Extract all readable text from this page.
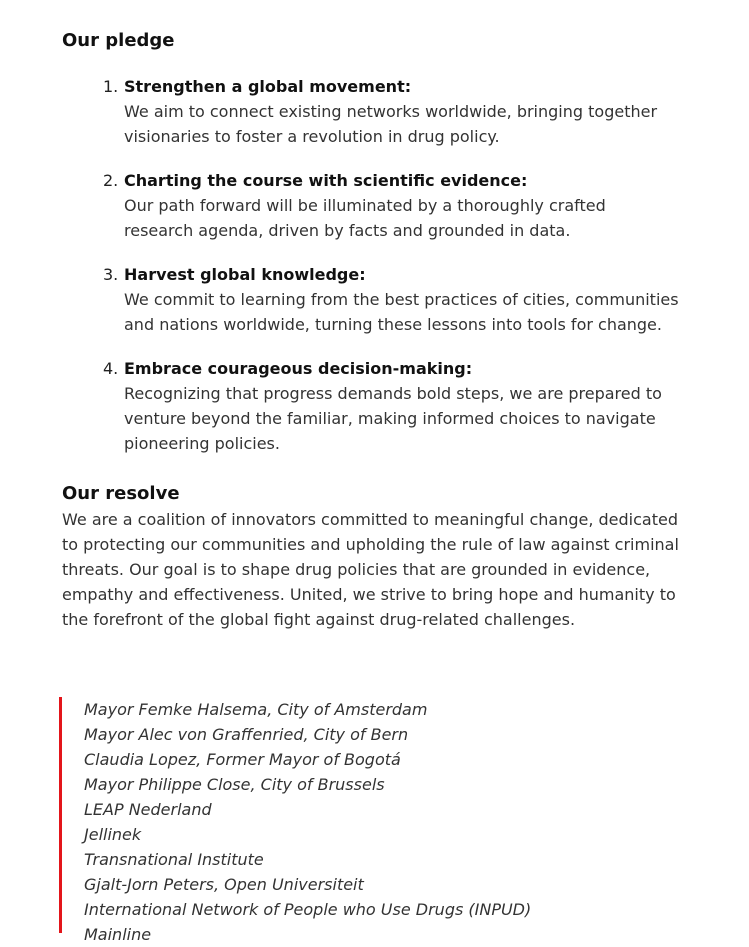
Our pledge
1. Strengthen a global movement:
We aim to connect existing networks worldwide, bringing together visionaries to foster a revolution in drug policy.
2. Charting the course with scientific evidence:
Our path forward will be illuminated by a thoroughly crafted research agenda, driven by facts and grounded in data.
3. Harvest global knowledge:
We commit to learning from the best practices of cities, communities and nations worldwide, turning these lessons into tools for change.
4. Embrace courageous decision-making:
Recognizing that progress demands bold steps, we are prepared to venture beyond the familiar, making informed choices to navigate pioneering policies.
Our resolve

We are a coalition of innovators committed to meaningful change, dedicated to protecting our communities and upholding the rule of law against criminal threats. Our goal is to shape drug policies that are grounded in evidence, empathy and effectiveness. United, we strive to bring hope and humanity to the forefront of the global fight against drug-related challenges.

Mayor Femke Halsema, City of Amsterdam
Mayor Alec von Graffenried, City of Bern
Claudia Lopez, Former Mayor of Bogotá
Mayor Philippe Close, City of Brussels
LEAP Nederland
Jellinek
Transnational Institute
Gjalt-Jorn Peters, Open Universiteit
International Network of People who Use Drugs (INPUD)
Mainline
